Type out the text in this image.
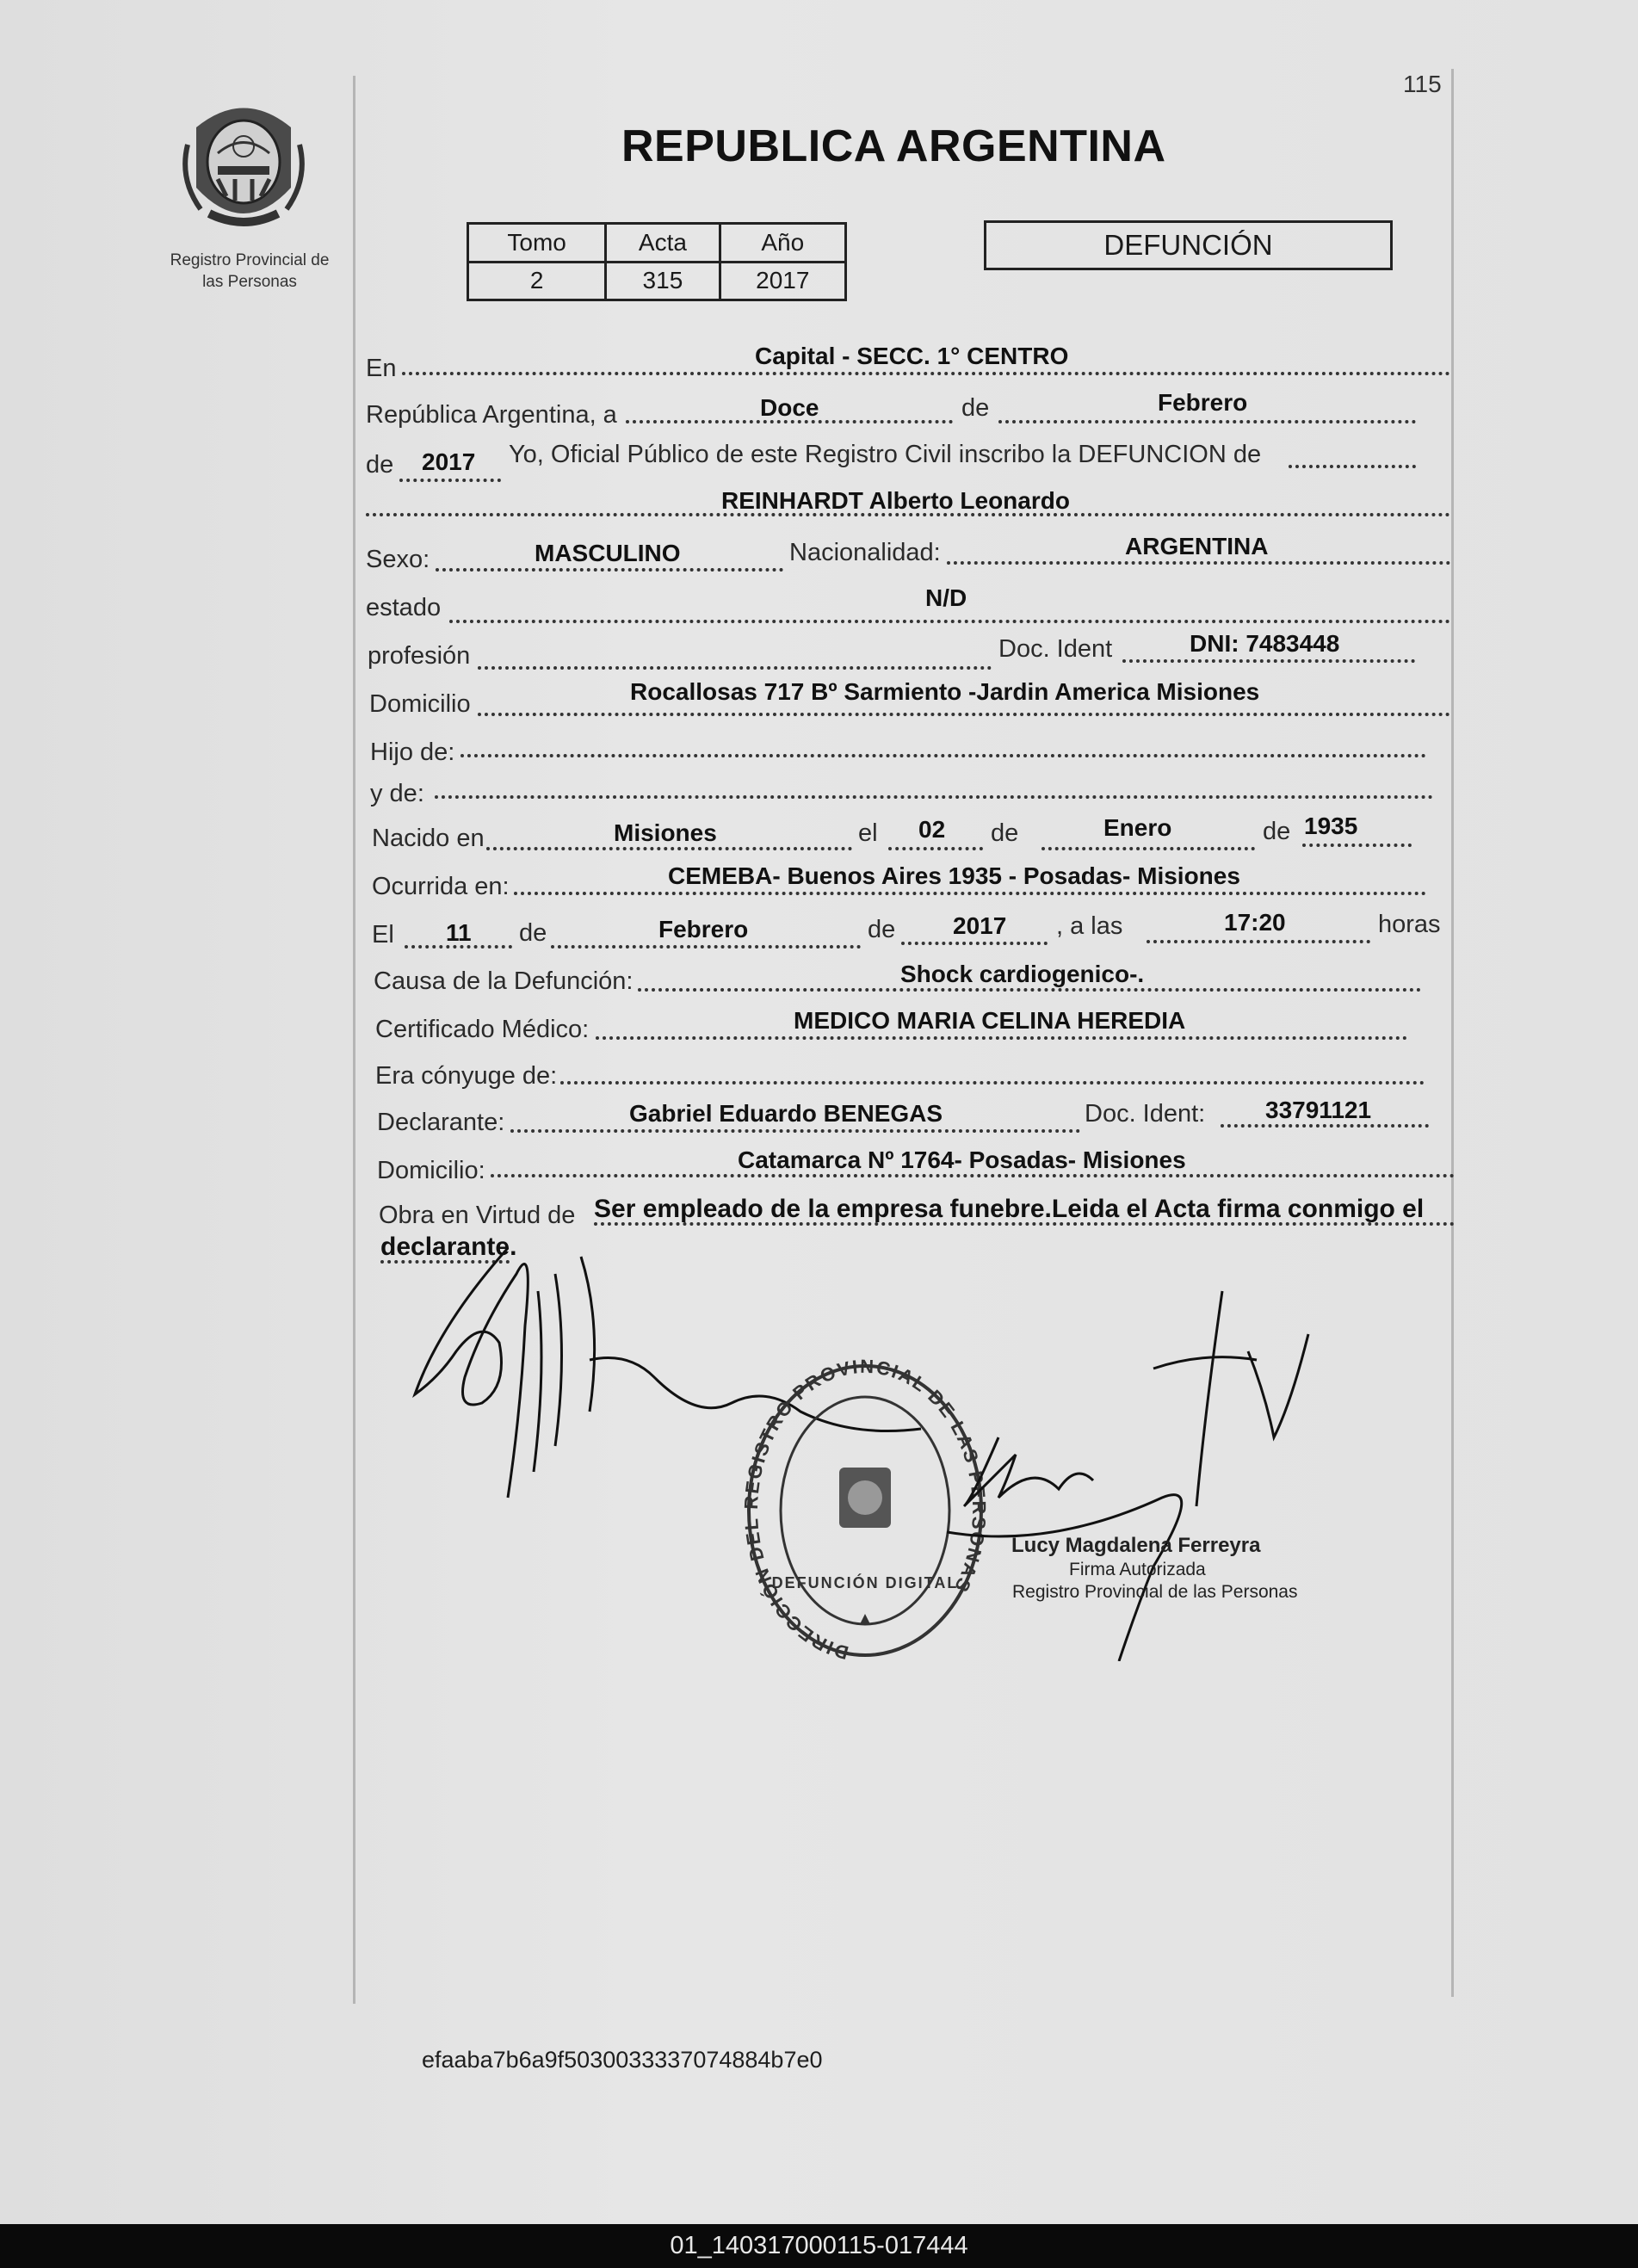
115
Registro Provincial de
las Personas
REPUBLICA ARGENTINA
Tomo	Acta	Año
2	315	2017
DEFUNCIÓN
En	Capital - SECC. 1° CENTRO
República Argentina, a	Doce	de	Febrero
de 2017 Yo, Oficial Público de este Registro Civil inscribo la DEFUNCION de
REINHARDT Alberto Leonardo
Sexo:	MASCULINO	Nacionalidad:	ARGENTINA
estado	N/D
profesión	Doc. Ident	DNI: 7483448
Domicilio	Rocallosas 717 Bº Sarmiento -Jardin America Misiones
Hijo de:
y de:
Nacido en	Misiones	el 02 de	Enero	de 1935
Ocurrida en:	CEMEBA- Buenos Aires 1935 - Posadas- Misiones
El 11 de	Febrero	de 2017 , a las	17:20	horas
Causa de la Defunción:	Shock cardiogenico-.
Certificado Médico:	MEDICO MARIA CELINA HEREDIA
Era cónyuge de:
Declarante:	Gabriel Eduardo BENEGAS	Doc. Ident: 33791121
Domicilio:	Catamarca Nº 1764- Posadas- Misiones
Obra en Virtud de Ser empleado de la empresa funebre.Leida el Acta firma conmigo el
declarante.
DIRECCIÓN DEL REGISTRO PROVINCIAL DE LAS PERSONAS
DEFUNCIÓN DIGITAL
Lucy Magdalena Ferreyra
Firma Autorizada
Registro Provincial de las Personas
efaaba7b6a9f5030033337074884b7e0
01_140317000115-017444
